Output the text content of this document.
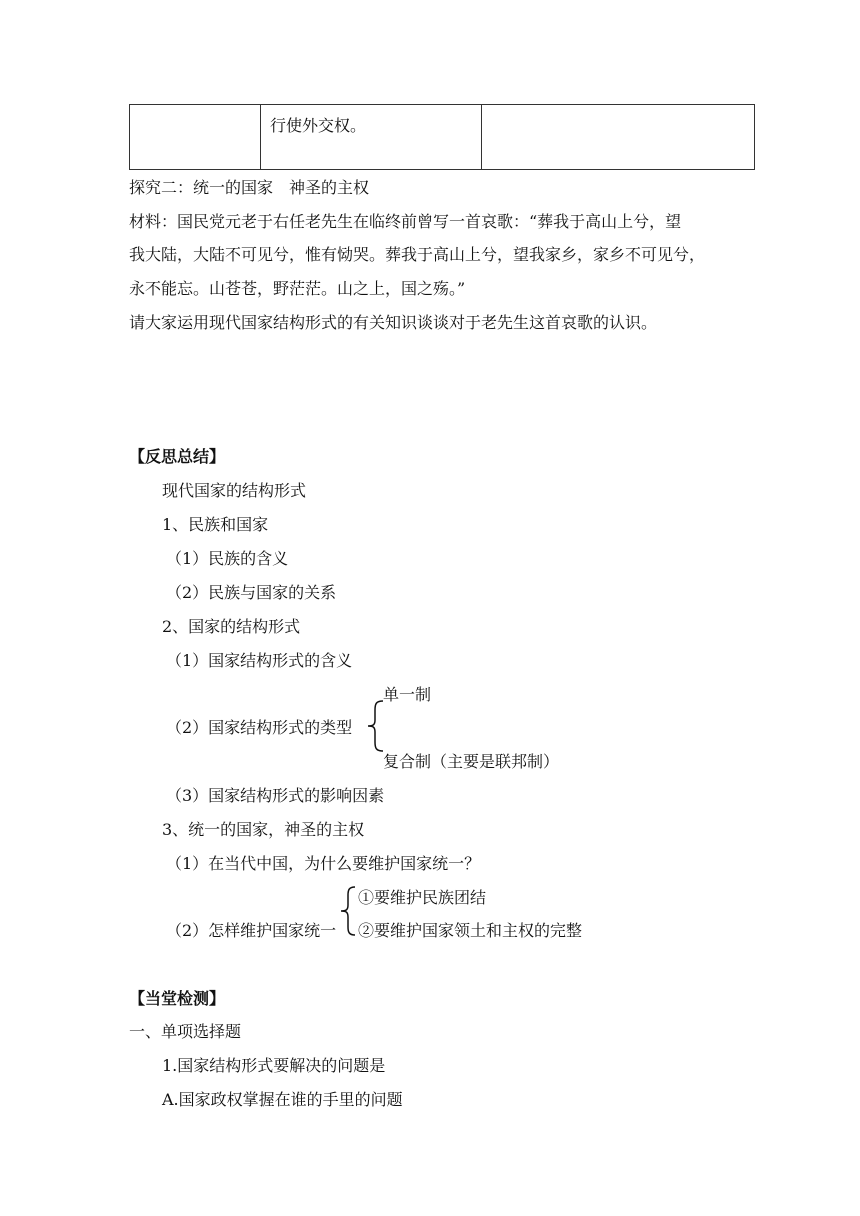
	行使外交权。	
探究二：统一的国家　神圣的主权
材料：国民党元老于右任老先生在临终前曾写一首哀歌：“葬我于高山上兮，望
我大陆，大陆不可见兮，惟有恸哭。葬我于高山上兮，望我家乡，家乡不可见兮，
永不能忘。山苍苍，野茫茫。山之上，国之殇。”
请大家运用现代国家结构形式的有关知识谈谈对于老先生这首哀歌的认识。
【反思总结】
现代国家的结构形式
1、民族和国家
（1）民族的含义
（2）民族与国家的关系
2、国家的结构形式
（1）国家结构形式的含义
单一制
（2）国家结构形式的类型
复合制（主要是联邦制）
（3）国家结构形式的影响因素
3、统一的国家，神圣的主权
（1）在当代中国，为什么要维护国家统一？
①要维护民族团结
（2）怎样维护国家统一 ②要维护国家领土和主权的完整
【当堂检测】
一、单项选择题
1.国家结构形式要解决的问题是
A.国家政权掌握在谁的手里的问题
